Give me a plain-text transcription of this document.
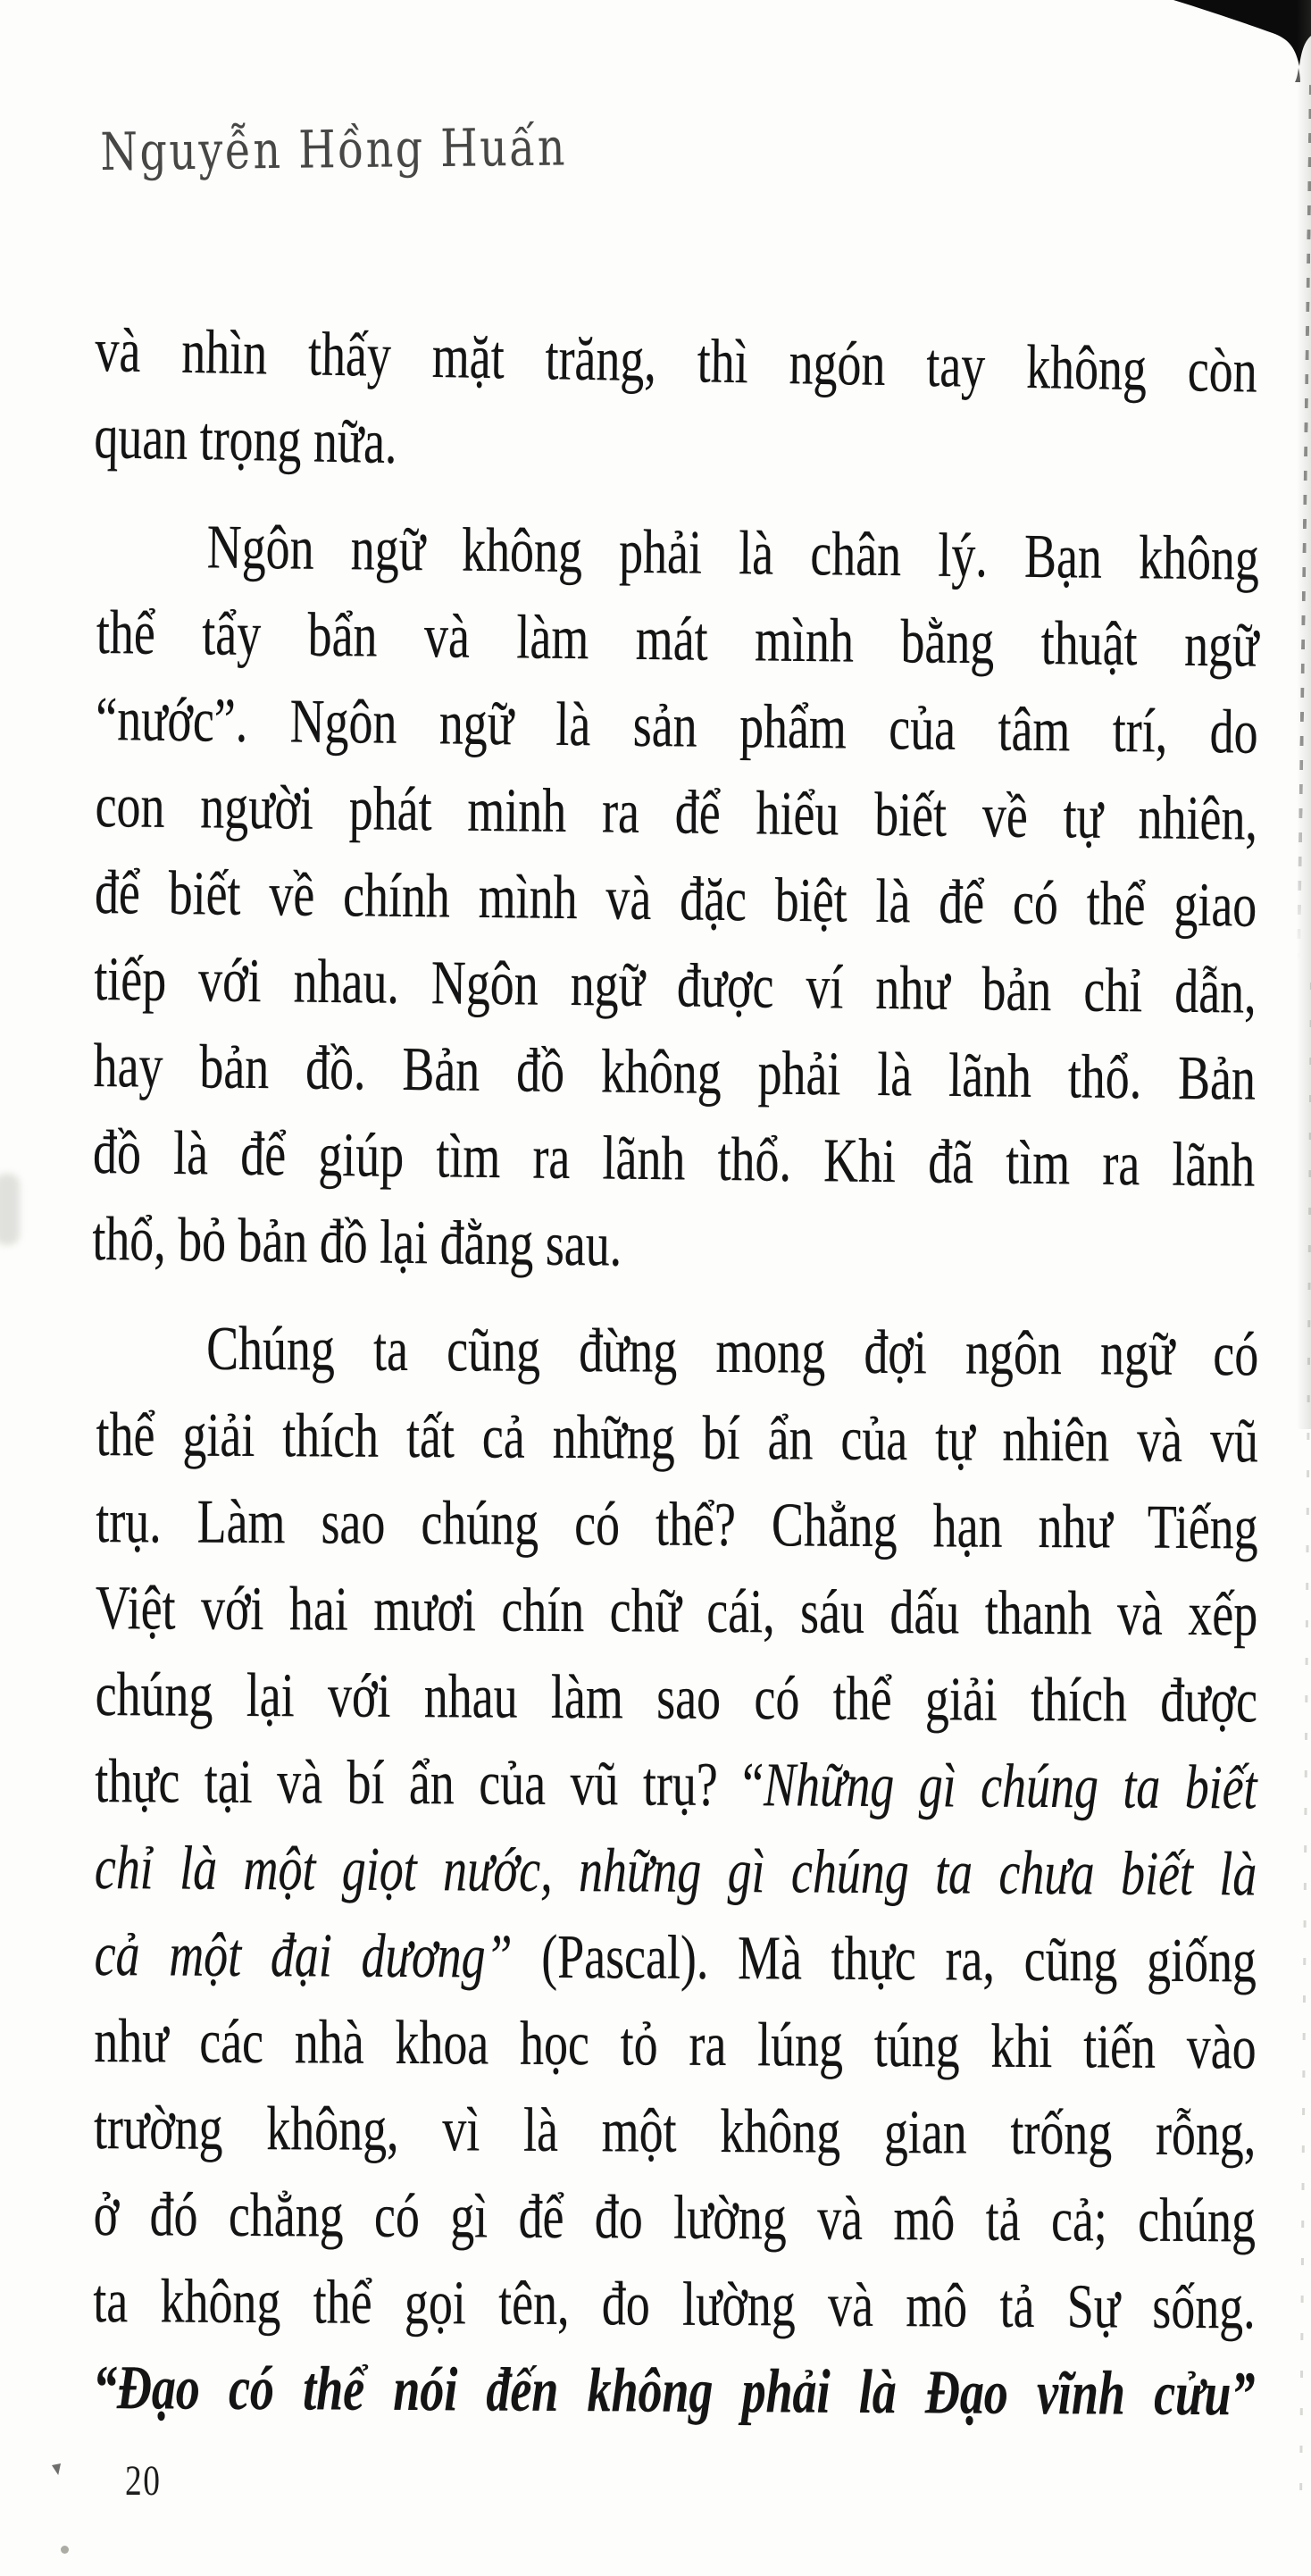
Nguyễn Hồng Huấn
và nhìn thấy mặt trăng, thì ngón tay không còn
quan trọng nữa.
Ngôn ngữ không phải là chân lý. Bạn không
thể tẩy bẩn và làm mát mình bằng thuật ngữ
“nước”. Ngôn ngữ là sản phẩm của tâm trí, do
con người phát minh ra để hiểu biết về tự nhiên,
để biết về chính mình và đặc biệt là để có thể giao
tiếp với nhau. Ngôn ngữ được ví như bản chỉ dẫn,
hay bản đồ. Bản đồ không phải là lãnh thổ. Bản
đồ là để giúp tìm ra lãnh thổ. Khi đã tìm ra lãnh
thổ, bỏ bản đồ lại đằng sau.
Chúng ta cũng đừng mong đợi ngôn ngữ có
thể giải thích tất cả những bí ẩn của tự nhiên và vũ
trụ. Làm sao chúng có thể? Chẳng hạn như Tiếng
Việt với hai mươi chín chữ cái, sáu dấu thanh và xếp
chúng lại với nhau làm sao có thể giải thích được
thực tại và bí ẩn của vũ trụ? “Những gì chúng ta biết
chỉ là một giọt nước, những gì chúng ta chưa biết là
cả một đại dương” (Pascal). Mà thực ra, cũng giống
như các nhà khoa học tỏ ra lúng túng khi tiến vào
trường không, vì là một không gian trống rỗng,
ở đó chẳng có gì để đo lường và mô tả cả; chúng
ta không thể gọi tên, đo lường và mô tả Sự sống.
“Đạo có thể nói đến không phải là Đạo vĩnh cửu”
20
